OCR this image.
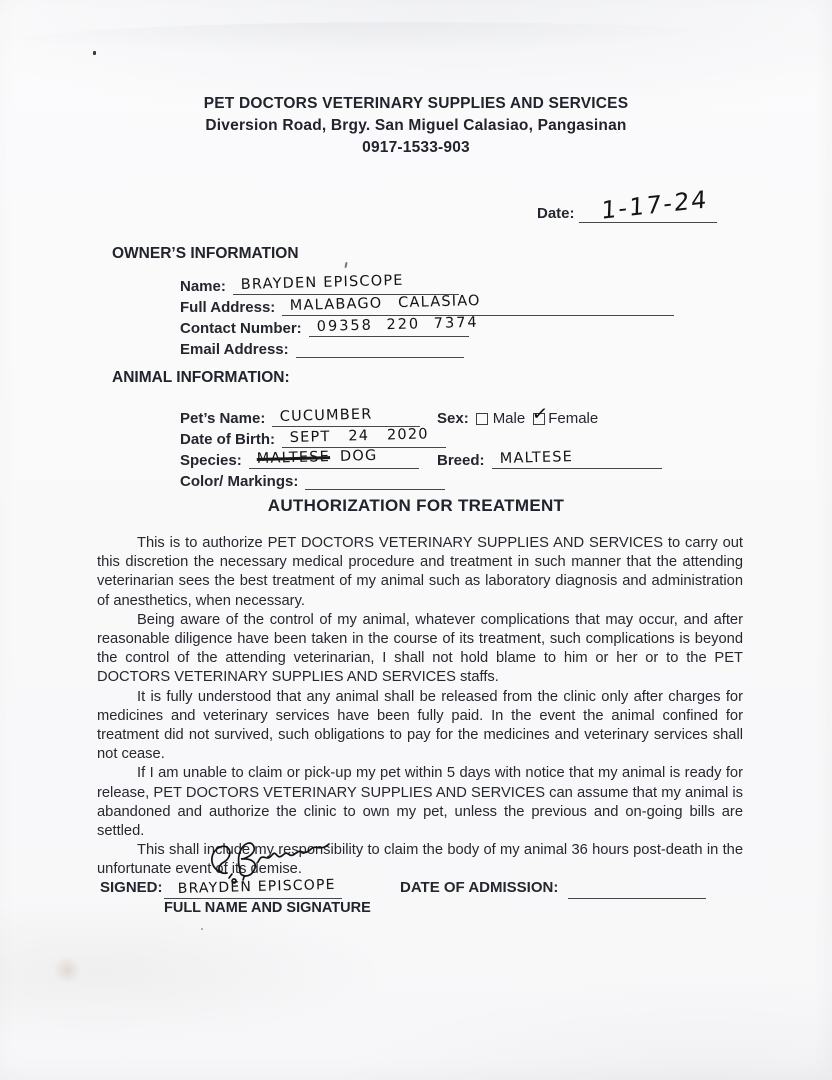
PET DOCTORS VETERINARY SUPPLIES AND SERVICES
Diversion Road, Brgy. San Miguel Calasiao, Pangasinan
0917-1533-903
Date: 1-17-24
OWNER’S INFORMATION
Name: BRAYDEN EPISCOPE
Full Address: MALABAGO CALASIAO
Contact Number: 09358 220 7374
Email Address:
ANIMAL INFORMATION:
Pet’s Name: CUCUMBER
Date of Birth: SEPT 24 2020
Species: MALTESE DOG
Color/ Markings:
Sex: Male ✓
Female
Breed: MALTESE
AUTHORIZATION FOR TREATMENT

This is to authorize PET DOCTORS VETERINARY SUPPLIES AND SERVICES to carry out this discretion the necessary medical procedure and treatment in such manner that the attending veterinarian sees the best treatment of my animal such as laboratory diagnosis and administration of anesthetics, when necessary.

Being aware of the control of my animal, whatever complications that may occur, and after reasonable diligence have been taken in the course of its treatment, such complications is beyond the control of the attending veterinarian, I shall not hold blame to him or her or to the PET DOCTORS VETERINARY SUPPLIES AND SERVICES staffs.

It is fully understood that any animal shall be released from the clinic only after charges for medicines and veterinary services have been fully paid. In the event the animal confined for treatment did not survived, such obligations to pay for the medicines and veterinary services shall not cease.

If I am unable to claim or pick-up my pet within 5 days with notice that my animal is ready for release, PET DOCTORS VETERINARY SUPPLIES AND SERVICES can assume that my animal is abandoned and authorize the clinic to own my pet, unless the previous and on-going bills are settled.

This shall include my responsibility to claim the body of my animal 36 hours post-death in the unfortunate event of its demise.

SIGNED: BRAYDEN EPISCOPE
FULL NAME AND SIGNATURE
DATE OF ADMISSION:
